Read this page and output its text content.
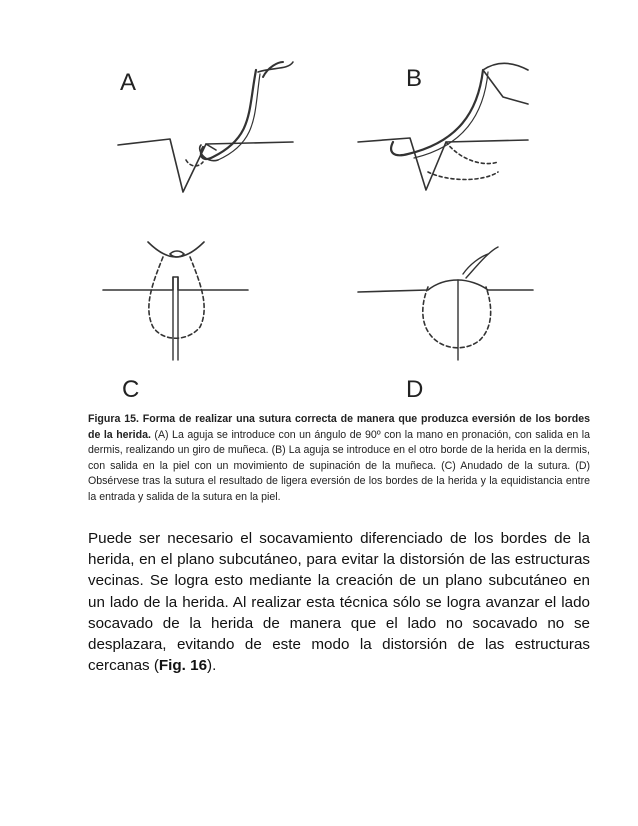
A	B
C	D
Figura 15. Forma de realizar una sutura correcta de manera que produzca eversión de los bordes de la herida. (A) La aguja se introduce con un ángulo de 90º con la mano en pronación, con salida en la dermis, realizando un giro de muñeca. (B) La aguja se introduce en el otro borde de la herida en la dermis, con salida en la piel con un movimiento de supinación de la muñeca. (C) Anudado de la sutura. (D) Obsérvese tras la sutura el resultado de ligera eversión de los bordes de la herida y la equidistancia entre la entrada y salida de la sutura en la piel.
Puede ser necesario el socavamiento diferenciado de los bordes de la herida, en el plano subcutáneo, para evitar la distorsión de las estructuras vecinas. Se logra esto mediante la creación de un plano subcutáneo en un lado de la herida. Al realizar esta técnica sólo se logra avanzar el lado socavado de la herida de manera que el lado no socavado no se desplazara, evitando de este modo la distorsión de las estructuras cercanas (Fig. 16).
